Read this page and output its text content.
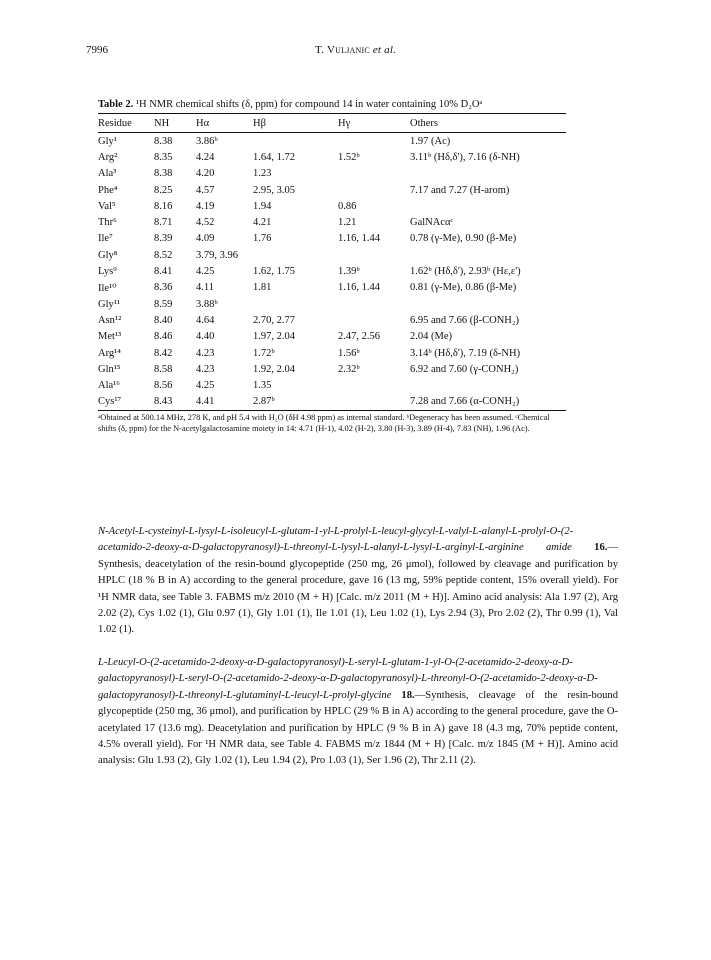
7996	T. Vuljanic et al.
Table 2. ¹H NMR chemical shifts (δ, ppm) for compound 14 in water containing 10% D₂Oᵃ
Residue	NH	Hα	Hβ	Hγ	Others
Gly¹	8.38	3.86ᵇ			1.97 (Ac)
Arg²	8.35	4.24	1.64, 1.72	1.52ᵇ	3.11ᵇ (Hδ,δ'), 7.16 (δ-NH)
Ala³	8.38	4.20	1.23		
Phe⁴	8.25	4.57	2.95, 3.05		7.17 and 7.27 (H-arom)
Val⁵	8.16	4.19	1.94	0.86	
Thr⁶	8.71	4.52	4.21	1.21	GalNAcαᶜ
Ile⁷	8.39	4.09	1.76	1.16, 1.44	0.78 (γ-Me), 0.90 (β-Me)
Gly⁸	8.52	3.79, 3.96			
Lys⁹	8.41	4.25	1.62, 1.75	1.39ᵇ	1.62ᵇ (Hδ,δ'), 2.93ᵇ (Hε,ε')
Ile¹⁰	8.36	4.11	1.81	1.16, 1.44	0.81 (γ-Me), 0.86 (β-Me)
Gly¹¹	8.59	3.88ᵇ			
Asn¹²	8.40	4.64	2.70, 2.77		6.95 and 7.66 (β-CONH₂)
Met¹³	8.46	4.40	1.97, 2.04	2.47, 2.56	2.04 (Me)
Arg¹⁴	8.42	4.23	1.72ᵇ	1.56ᵇ	3.14ᵇ (Hδ,δ'), 7.19 (δ-NH)
Gln¹⁵	8.58	4.23	1.92, 2.04	2.32ᵇ	6.92 and 7.60 (γ-CONH₂)
Ala¹⁶	8.56	4.25	1.35		
Cys¹⁷	8.43	4.41	2.87ᵇ		7.28 and 7.66 (α-CONH₂)
ᵃObtained at 500.14 MHz, 278 K, and pH 5.4 with H₂O (δH 4.98 ppm) as internal standard. ᵇDegeneracy has been assumed. ᶜChemical shifts (δ, ppm) for the N-acetylgalactosamine moiety in 14: 4.71 (H-1), 4.02 (H-2), 3.80 (H-3), 3.89 (H-4), 7.83 (NH), 1.96 (Ac).
N-Acetyl-L-cysteinyl-L-lysyl-L-isoleucyl-L-glutam-1-yl-L-prolyl-L-leucyl-glycyl-L-valyl-L-alanyl-L-prolyl-O-(2-acetamido-2-deoxy-α-D-galactopyranosyl)-L-threonyl-L-lysyl-L-alanyl-L-lysyl-L-arginyl-L-arginine amide 16.—Synthesis, deacetylation of the resin-bound glycopeptide (250 mg, 26 μmol), followed by cleavage and purification by HPLC (18 % B in A) according to the general procedure, gave 16 (13 mg, 59% peptide content, 15% overall yield). For ¹H NMR data, see Table 3. FABMS m/z 2010 (M + H) [Calc. m/z 2011 (M + H)]. Amino acid analysis: Ala 1.97 (2), Arg 2.02 (2), Cys 1.02 (1), Glu 0.97 (1), Gly 1.01 (1), Ile 1.01 (1), Leu 1.02 (1), Lys 2.94 (3), Pro 2.02 (2), Thr 0.99 (1), Val 1.02 (1).
L-Leucyl-O-(2-acetamido-2-deoxy-α-D-galactopyranosyl)-L-seryl-L-glutam-1-yl-O-(2-acetamido-2-deoxy-α-D-galactopyranosyl)-L-seryl-O-(2-acetamido-2-deoxy-α-D-galactopyranosyl)-L-threonyl-O-(2-acetamido-2-deoxy-α-D-galactopyranosyl)-L-threonyl-L-glutaminyl-L-leucyl-L-prolyl-glycine 18.—Synthesis, cleavage of the resin-bound glycopeptide (250 mg, 36 μmol), and purification by HPLC (29 % B in A) according to the general procedure, gave the O-acetylated 17 (13.6 mg). Deacetylation and purification by HPLC (9 % B in A) gave 18 (4.3 mg, 70% peptide content, 4.5% overall yield). For ¹H NMR data, see Table 4. FABMS m/z 1844 (M + H) [Calc. m/z 1845 (M + H)]. Amino acid analysis: Glu 1.93 (2), Gly 1.02 (1), Leu 1.94 (2), Pro 1.03 (1), Ser 1.96 (2), Thr 2.11 (2).
